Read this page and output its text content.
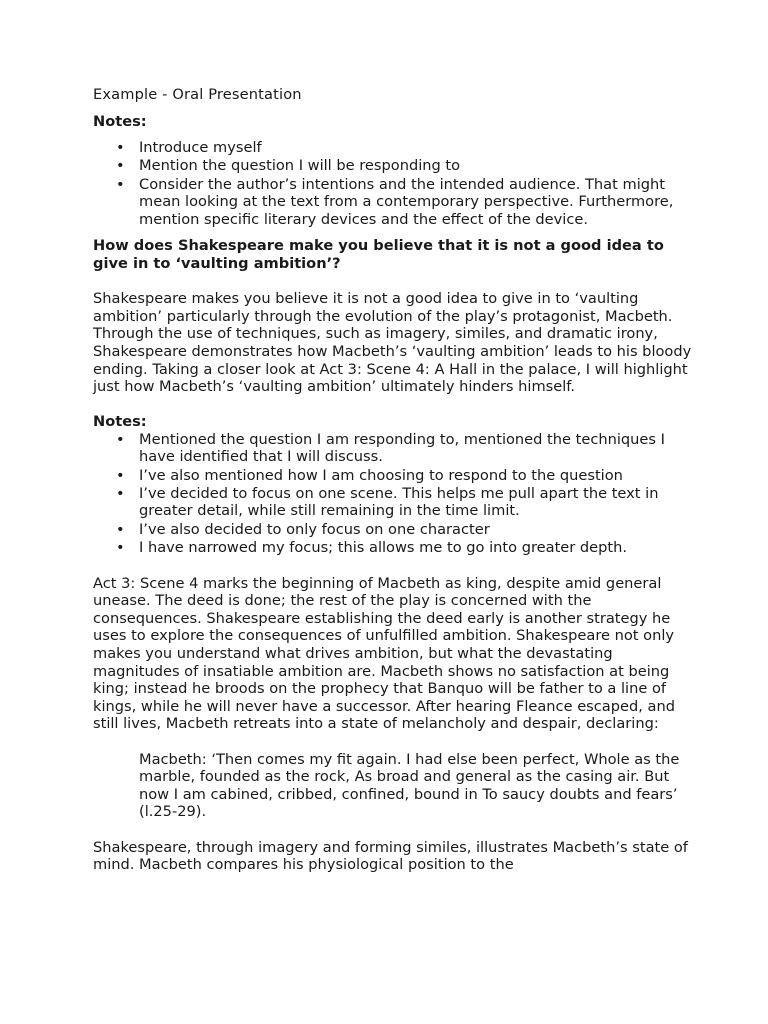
Example - Oral Presentation

Notes:

• Introduce myself
• Mention the question I will be responding to
• Consider the author’s intentions and the intended audience. That might mean looking at the text from a contemporary perspective. Furthermore, mention specific literary devices and the effect of the device.

How does Shakespeare make you believe that it is not a good idea to give in to ‘vaulting ambition’?

Shakespeare makes you believe it is not a good idea to give in to ‘vaulting ambition’ particularly through the evolution of the play’s protagonist, Macbeth. Through the use of techniques, such as imagery, similes, and dramatic irony, Shakespeare demonstrates how Macbeth’s ‘vaulting ambition’ leads to his bloody ending. Taking a closer look at Act 3: Scene 4: A Hall in the palace, I will highlight just how Macbeth’s ‘vaulting ambition’ ultimately hinders himself.

Notes:

• Mentioned the question I am responding to, mentioned the techniques I have identified that I will discuss.
• I’ve also mentioned how I am choosing to respond to the question
• I’ve decided to focus on one scene. This helps me pull apart the text in greater detail, while still remaining in the time limit.
• I’ve also decided to only focus on one character
• I have narrowed my focus; this allows me to go into greater depth.

Act 3: Scene 4 marks the beginning of Macbeth as king, despite amid general unease. The deed is done; the rest of the play is concerned with the consequences. Shakespeare establishing the deed early is another strategy he uses to explore the consequences of unfulfilled ambition. Shakespeare not only makes you understand what drives ambition, but what the devastating magnitudes of insatiable ambition are. Macbeth shows no satisfaction at being king; instead he broods on the prophecy that Banquo will be father to a line of kings, while he will never have a successor. After hearing Fleance escaped, and still lives, Macbeth retreats into a state of melancholy and despair, declaring:

Macbeth: ‘Then comes my fit again. I had else been perfect, Whole as the marble, founded as the rock, As broad and general as the casing air. But now I am cabined, cribbed, confined, bound in To saucy doubts and fears’ (l.25-29).

Shakespeare, through imagery and forming similes, illustrates Macbeth’s state of mind. Macbeth compares his physiological position to the
